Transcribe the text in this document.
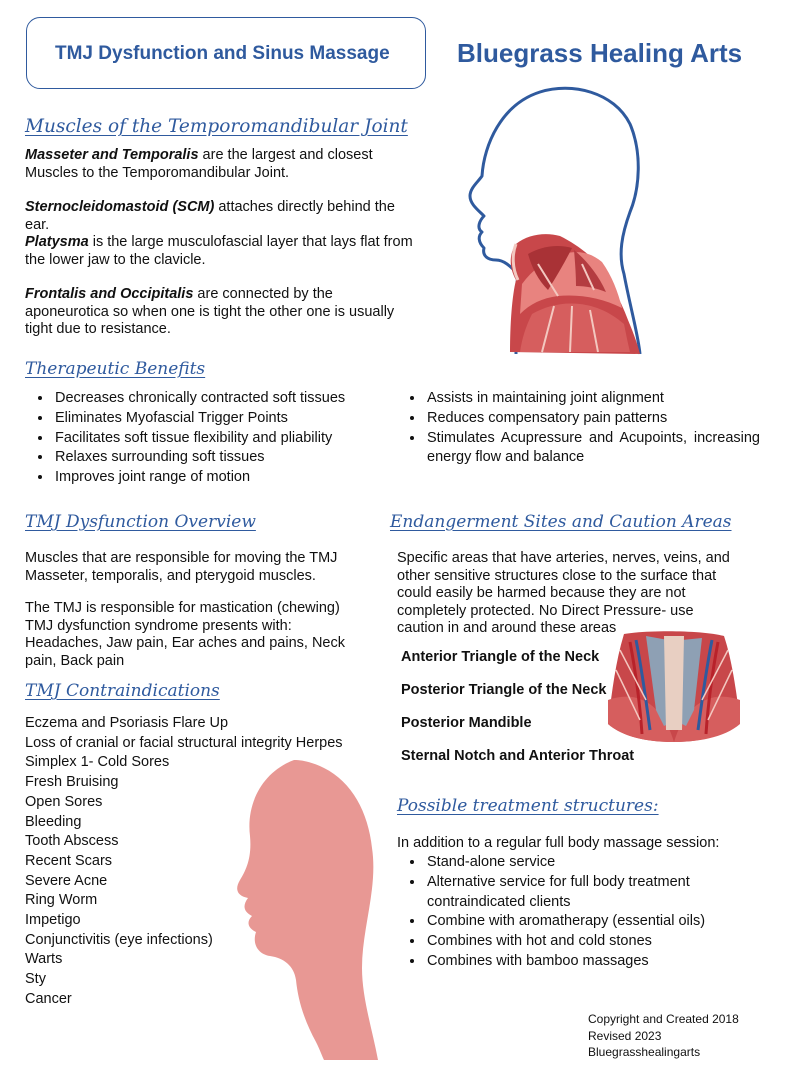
TMJ Dysfunction and Sinus Massage	Bluegrass Healing Arts
Muscles of the Temporomandibular Joint

Masseter and Temporalis are the largest and closest Muscles to the Temporomandibular Joint.

Sternocleidomastoid (SCM) attaches directly behind the ear.

Platysma is the large musculofascial layer that lays flat from the lower jaw to the clavicle.

Frontalis and Occipitalis are connected by the aponeurotica so when one is tight the other one is usually tight due to resistance.

Therapeutic Benefits
• Decreases chronically contracted soft tissues
• Eliminates Myofascial Trigger Points
• Facilitates soft tissue flexibility and pliability
• Relaxes surrounding soft tissues
• Improves joint range of motion
• Assists in maintaining joint alignment
• Reduces compensatory pain patterns
• Stimulates Acupressure and Acupoints, increasing energy flow and balance
TMJ Dysfunction Overview

Muscles that are responsible for moving the TMJ Masseter, temporalis, and pterygoid muscles.

The TMJ is responsible for mastication (chewing) TMJ dysfunction syndrome presents with: Headaches, Jaw pain, Ear aches and pains, Neck pain, Back pain

TMJ Contraindications
Eczema and Psoriasis Flare Up
Loss of cranial or facial structural integrity Herpes
Simplex 1- Cold Sores
Fresh Bruising
Open Sores
Bleeding
Tooth Abscess
Recent Scars
Severe Acne
Ring Worm
Impetigo
Conjunctivitis (eye infections)
Warts
Sty
Cancer
Endangerment Sites and Caution Areas
Specific areas that have arteries, nerves, veins, and other sensitive structures close to the surface that could easily be harmed because they are not completely protected. No Direct Pressure- use caution in and around these areas
Anterior Triangle of the Neck
Posterior Triangle of the Neck
Posterior Mandible
Sternal Notch and Anterior Throat
Possible treatment structures:
In addition to a regular full body massage session:
• Stand-alone service
• Alternative service for full body treatment contraindicated clients
• Combine with aromatherapy (essential oils)
• Combines with hot and cold stones
• Combines with bamboo massages
Copyright and Created 2018
Revised 2023
Bluegrasshealingarts
